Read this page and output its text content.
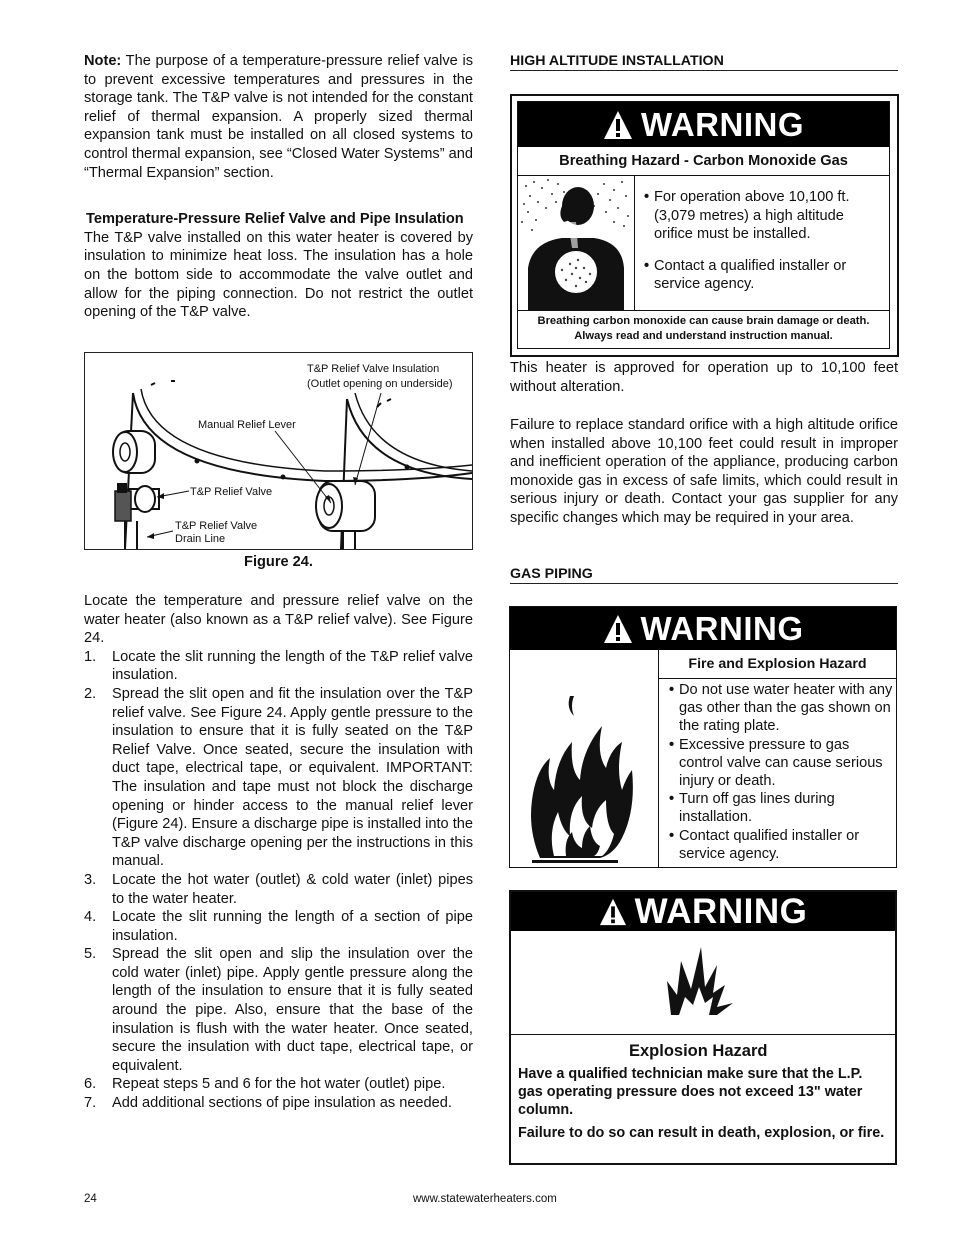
Note: The purpose of a temperature-pressure relief valve is to prevent excessive temperatures and pressures in the storage tank. The T&P valve is not intended for the constant relief of thermal expansion. A properly sized thermal expansion tank must be installed on all closed systems to control thermal expansion, see “Closed Water Systems” and “Thermal Expansion” section.

Temperature-Pressure Relief Valve and Pipe Insulation

The T&P valve installed on this water heater is covered by insulation to minimize heat loss. The insulation has a hole on the bottom side to accommodate the valve outlet and allow for the piping connection. Do not restrict the outlet opening of the T&P valve.

T&P Relief Valve Insulation
(Outlet opening on underside)
Manual Relief Lever
T&P Relief Valve
T&P Relief Valve
Drain Line
Figure 24.

Locate the temperature and pressure relief valve on the water heater (also known as a T&P relief valve). See Figure 24.

1. Locate the slit running the length of the T&P relief valve insulation.
2. Spread the slit open and fit the insulation over the T&P relief valve. See Figure 24. Apply gentle pressure to the insulation to ensure that it is fully seated on the T&P Relief Valve. Once seated, secure the insulation with duct tape, electrical tape, or equivalent. IMPORTANT: The insulation and tape must not block the discharge opening or hinder access to the manual relief lever (Figure 24). Ensure a discharge pipe is installed into the T&P valve discharge opening per the instructions in this manual.
3. Locate the hot water (outlet) & cold water (inlet) pipes to the water heater.
4. Locate the slit running the length of a section of pipe insulation.
5. Spread the slit open and slip the insulation over the cold water (inlet) pipe. Apply gentle pressure along the length of the insulation to ensure that it is fully seated around the pipe. Also, ensure that the base of the insulation is flush with the water heater. Once seated, secure the insulation with duct tape, electrical tape, or equivalent.
6. Repeat steps 5 and 6 for the hot water (outlet) pipe.
7. Add additional sections of pipe insulation as needed.
HIGH ALTITUDE INSTALLATION
WARNING
Breathing Hazard - Carbon Monoxide Gas
• For operation above 10,100 ft. (3,079 metres) a high altitude orifice must be installed.
• Contact a qualified installer or service agency.
Breathing carbon monoxide can cause brain damage or death.
Always read and understand instruction manual.
This heater is approved for operation up to 10,100 feet without alteration.
Failure to replace standard orifice with a high altitude orifice when installed above 10,100 feet could result in improper and inefficient operation of the appliance, producing carbon monoxide gas in excess of safe limits, which could result in serious injury or death. Contact your gas supplier for any specific changes which may be required in your area.
GAS PIPING
WARNING
Fire and Explosion Hazard
• Do not use water heater with any gas other than the gas shown on the rating plate.
• Excessive pressure to gas control valve can cause serious injury or death.
• Turn off gas lines during installation.
• Contact qualified installer or service agency.
WARNING
Explosion Hazard
Have a qualified technician make sure that the L.P. gas operating pressure does not exceed 13" water column.
Failure to do so can result in death, explosion, or fire.
24	www.statewaterheaters.com
